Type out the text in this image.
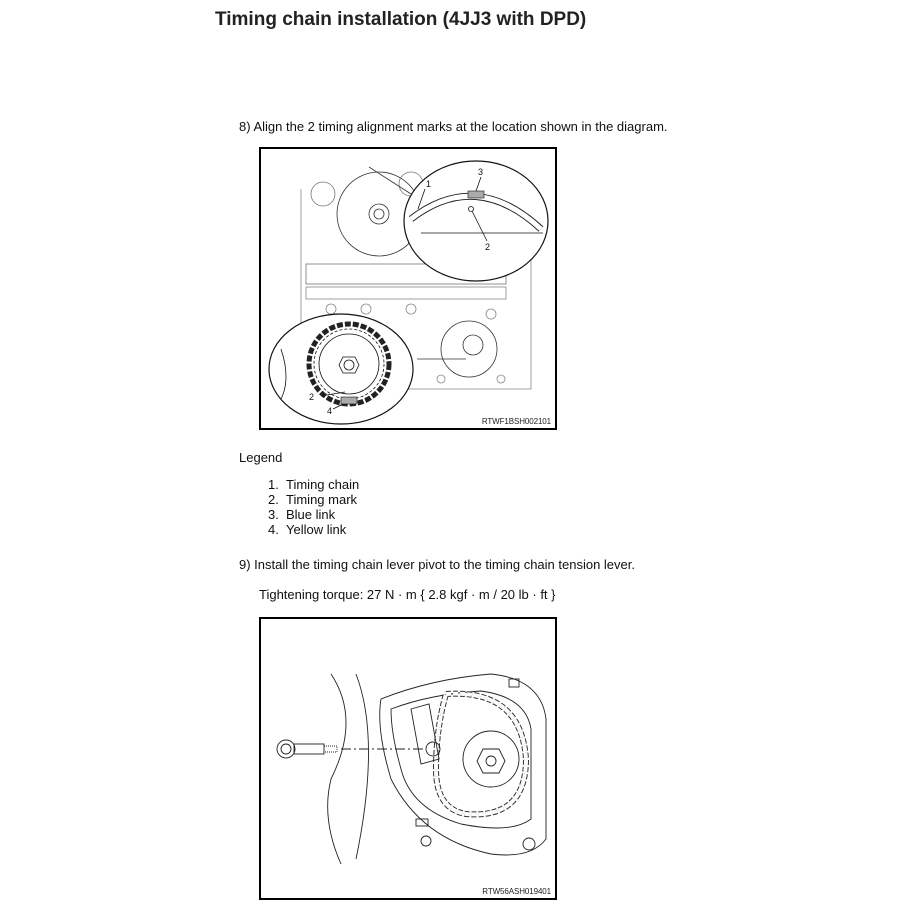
Timing chain installation (4JJ3 with DPD)
8) Align the 2 timing alignment marks at the location shown in the diagram.
1
2
3
2
4
RTWF1BSH002101
Legend
1. Timing chain
2. Timing mark
3. Blue link
4. Yellow link
9) Install the timing chain lever pivot to the timing chain tension lever.
Tightening torque: 27 N · m { 2.8 kgf · m / 20 lb · ft }
RTW56ASH019401
